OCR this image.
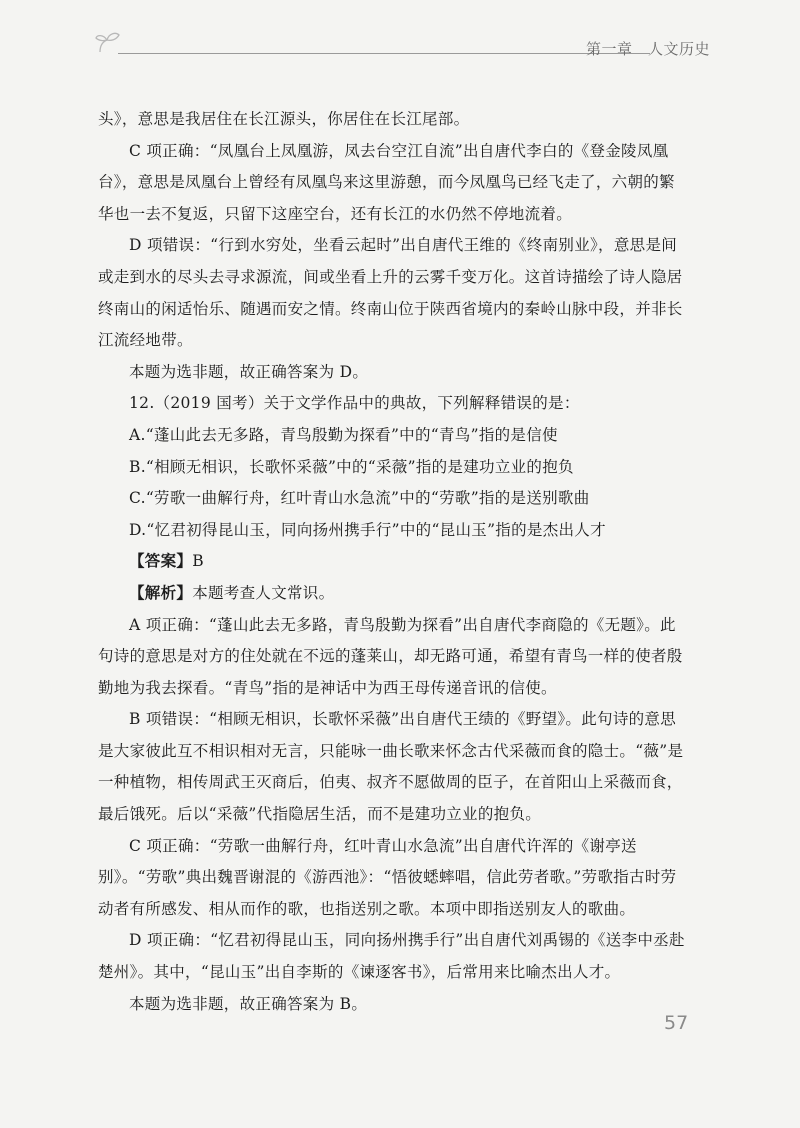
第一章　人文历史

头》，意思是我居住在长江源头，你居住在长江尾部。

C 项正确：“凤凰台上凤凰游，凤去台空江自流”出自唐代李白的《登金陵凤凰台》，意思是凤凰台上曾经有凤凰鸟来这里游憩，而今凤凰鸟已经飞走了，六朝的繁华也一去不复返，只留下这座空台，还有长江的水仍然不停地流着。

D 项错误：“行到水穷处，坐看云起时”出自唐代王维的《终南别业》，意思是间或走到水的尽头去寻求源流，间或坐看上升的云雾千变万化。这首诗描绘了诗人隐居终南山的闲适怡乐、随遇而安之情。终南山位于陕西省境内的秦岭山脉中段，并非长江流经地带。

本题为选非题，故正确答案为 D。

12.（2019 国考）关于文学作品中的典故，下列解释错误的是：

A.“蓬山此去无多路，青鸟殷勤为探看”中的“青鸟”指的是信使

B.“相顾无相识，长歌怀采薇”中的“采薇”指的是建功立业的抱负

C.“劳歌一曲解行舟，红叶青山水急流”中的“劳歌”指的是送别歌曲

D.“忆君初得昆山玉，同向扬州携手行”中的“昆山玉”指的是杰出人才

【答案】B

【解析】本题考查人文常识。

A 项正确：“蓬山此去无多路，青鸟殷勤为探看”出自唐代李商隐的《无题》。此句诗的意思是对方的住处就在不远的蓬莱山，却无路可通，希望有青鸟一样的使者殷勤地为我去探看。“青鸟”指的是神话中为西王母传递音讯的信使。

B 项错误：“相顾无相识，长歌怀采薇”出自唐代王绩的《野望》。此句诗的意思是大家彼此互不相识相对无言，只能咏一曲长歌来怀念古代采薇而食的隐士。“薇”是一种植物，相传周武王灭商后，伯夷、叔齐不愿做周的臣子，在首阳山上采薇而食，最后饿死。后以“采薇”代指隐居生活，而不是建功立业的抱负。

C 项正确：“劳歌一曲解行舟，红叶青山水急流”出自唐代许浑的《谢亭送别》。“劳歌”典出魏晋谢混的《游西池》：“悟彼蟋蟀唱，信此劳者歌。”劳歌指古时劳动者有所感发、相从而作的歌，也指送别之歌。本项中即指送别友人的歌曲。

D 项正确：“忆君初得昆山玉，同向扬州携手行”出自唐代刘禹锡的《送李中丞赴楚州》。其中，“昆山玉”出自李斯的《谏逐客书》，后常用来比喻杰出人才。

本题为选非题，故正确答案为 B。

57
